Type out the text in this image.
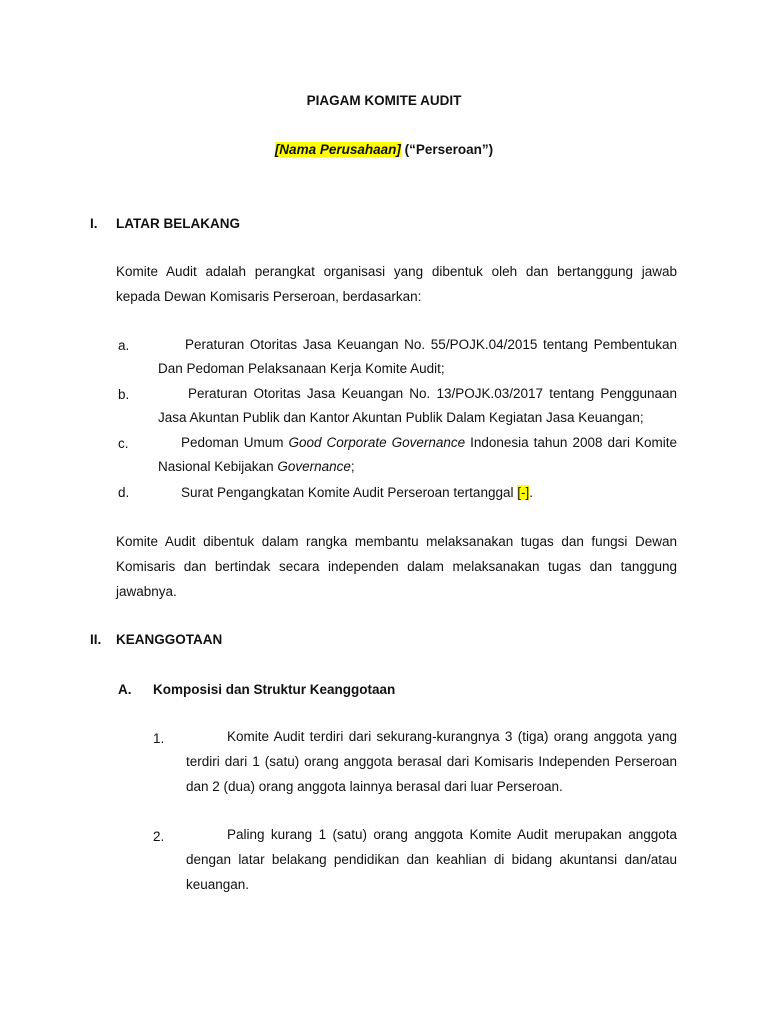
PIAGAM KOMITE AUDIT
[Nama Perusahaan] (“Perseroan”)
I. LATAR BELAKANG
Komite Audit adalah perangkat organisasi yang dibentuk oleh dan bertanggung jawab
kepada Dewan Komisaris Perseroan, berdasarkan:
a.	Peraturan Otoritas Jasa Keuangan No. 55/POJK.04/2015 tentang Pembentukan
Dan Pedoman Pelaksanaan Kerja Komite Audit;
b.	Peraturan Otoritas Jasa Keuangan No. 13/POJK.03/2017 tentang Penggunaan
Jasa Akuntan Publik dan Kantor Akuntan Publik Dalam Kegiatan Jasa Keuangan;
c.	Pedoman Umum Good Corporate Governance Indonesia tahun 2008 dari Komite
Nasional Kebijakan Governance;
d.	Surat Pengangkatan Komite Audit Perseroan tertanggal [-].
Komite Audit dibentuk dalam rangka membantu melaksanakan tugas dan fungsi Dewan
Komisaris dan bertindak secara independen dalam melaksanakan tugas dan tanggung
jawabnya.
II. KEANGGOTAAN
A. Komposisi dan Struktur Keanggotaan
1.	Komite Audit terdiri dari sekurang-kurangnya 3 (tiga) orang anggota yang
terdiri dari 1 (satu) orang anggota berasal dari Komisaris Independen Perseroan
dan 2 (dua) orang anggota lainnya berasal dari luar Perseroan.
2.	Paling kurang 1 (satu) orang anggota Komite Audit merupakan anggota
dengan latar belakang pendidikan dan keahlian di bidang akuntansi dan/atau
keuangan.
